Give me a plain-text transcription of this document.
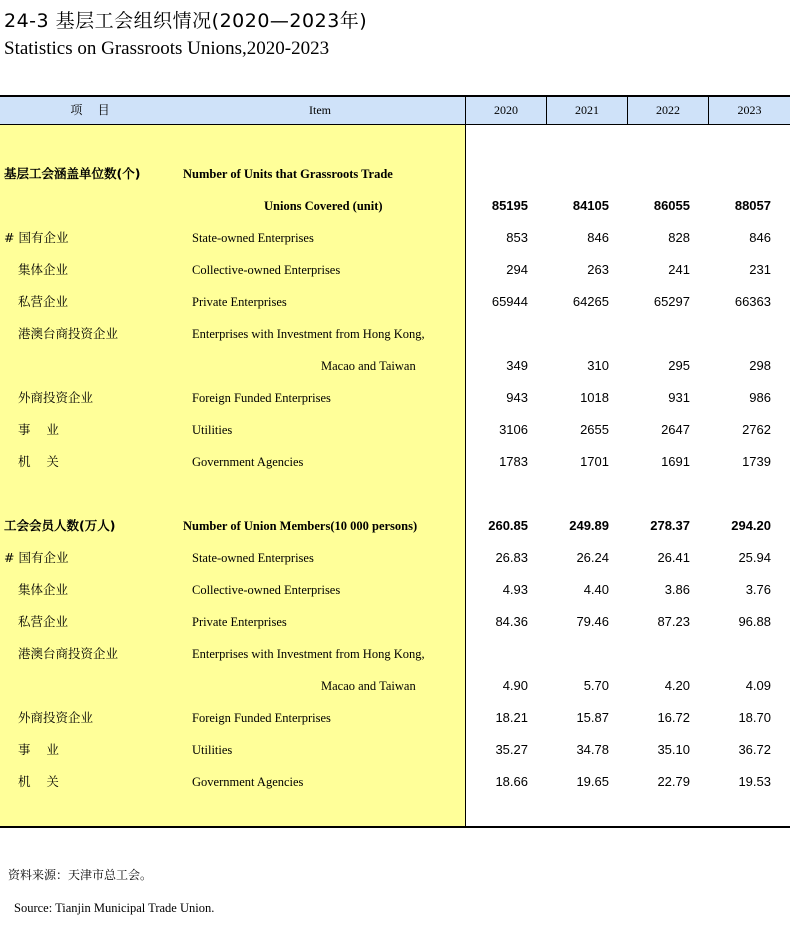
24-3 基层工会组织情况(2020—2023年)
Statistics on Grassroots Unions,2020-2023
项    目	Item	2020	2021	2022	2023
基层工会涵盖单位数(个)	Number of Units that Grassroots Trade
Unions Covered (unit)	85195	84105	86055	88057
# 国有企业	State-owned Enterprises	853	846	828	846
集体企业	Collective-owned Enterprises	294	263	241	231
私营企业	Private Enterprises	65944	64265	65297	66363
港澳台商投资企业	Enterprises with Investment from Hong Kong,
Macao and Taiwan	349	310	295	298
外商投资企业	Foreign Funded Enterprises	943	1018	931	986
事    业	Utilities	3106	2655	2647	2762
机    关	Government Agencies	1783	1701	1691	1739
工会会员人数(万人)	Number of Union Members(10 000 persons)	260.85	249.89	278.37	294.20
# 国有企业	State-owned Enterprises	26.83	26.24	26.41	25.94
集体企业	Collective-owned Enterprises	4.93	4.40	3.86	3.76
私营企业	Private Enterprises	84.36	79.46	87.23	96.88
港澳台商投资企业	Enterprises with Investment from Hong Kong,
Macao and Taiwan	4.90	5.70	4.20	4.09
外商投资企业	Foreign Funded Enterprises	18.21	15.87	16.72	18.70
事    业	Utilities	35.27	34.78	35.10	36.72
机    关	Government Agencies	18.66	19.65	22.79	19.53
资料来源：天津市总工会。
Source: Tianjin Municipal Trade Union.
